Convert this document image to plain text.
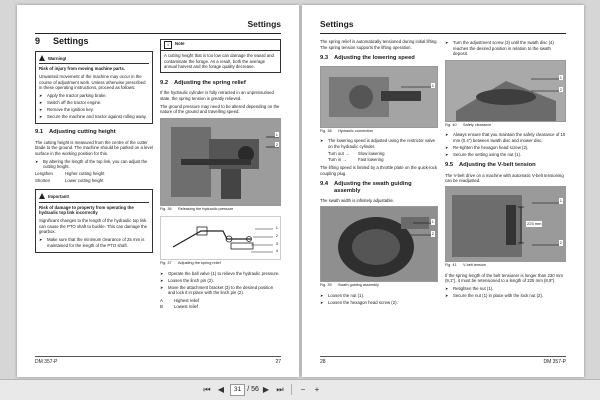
Settings
9 Settings
Warning!

Risk of injury from moving machine parts.

Unwanted movement of the machine may occur in the course of adjustment work. Unless otherwise prescribed in these operating instructions, proceed as follows:

➤ Apply the tractor parking brake.
➤ Switch off the tractor engine.
➤ Remove the ignition key.
➤ Secure the machine and tractor against rolling away.
9.1 Adjusting cutting height

The cutting height is measured from the centre of the cutter blade to the ground. The machine should be parked on a level surface in the working position for this.

➤ By altering the length of the top link, you can adjust the cutting height.
Lengthen	Higher cutting height
Shorten	Lower cutting height
Important!

Risk of damage to property from operating the hydraulic top link incorrectly

Significant changes to the length of the hydraulic top link can cause the PTO shaft to buckle. This can damage the gearbox.

➤ Make sure that the minimum clearance of 25 mm is maintained for the length of the PTO shaft.
i Note
A cutting height that is too low can damage the sward and contaminate the forage. As a result, both the average annual harvest and the forage quality decrease.
9.2 Adjusting the spring relief

If the hydraulic cylinder is fully retracted in an unpressurised state, the spring tension is greatly relieved.

The ground pressure may need to be altered depending on the nature of the ground and travelling speed.

1
2
Fig. 36 Releasing the hydraulic pressure
1
2
3
4
Fig. 37 Adjusting the spring relief
➤ Operate the ball valve (1) to relieve the hydraulic pressure.
➤ Loosen the linch pin (2).
➤ Move the attachment bracket (3) to the desired position and lock it in place with the linch pin (2).
A	Highest relief
B	Lowest relief
DM 357-P	27
Settings

The spring relief is automatically tensioned during initial lifting. The spring tension supports the lifting operation.

9.3 Adjusting the lowering speed
1
Fig. 38 Hydraulic connection
➤ The lowering speed is adjusted using the restrictor valve on the hydraulic cylinder.
Turn out →	Slow lowering
Turn in →	Fast lowering

The lifting speed is limited by a throttle plate on the quick-lock coupling plug.

9.4 Adjusting the swath guiding assembly

The swath width is infinitely adjustable.

1
2
Fig. 39 Swath guiding assembly
➤ Loosen the nut (1).
➤ Loosen the hexagon head screw (2).
➤ Turn the adjustment screw (3) until the swath disc (4) reaches the desired position in relation to the swath deposit.
1
2
Fig. 40 Safety clearance
➤ Always ensure that you maintain the safety clearance of 10 mm (0.4") between swath disc and mower disc.
➤ Re-tighten the hexagon head screw (2).
➤ Secure the setting using the nut (1).
9.5 Adjusting the V-belt tension

The V-belt drive on a machine with automatic V-belt tensioning can be readjusted.

225 mm
1
2
Fig. 41 V-belt tension

If the spring length of the belt tensioner is longer than 230 mm (9,1"), it must be retensioned to a length of 225 mm (8,9").

➤ Retighten the nut (1).
➤ Secure the nut (1) in place with the lock nut (2).
28	DM 357-P
⏮ ◀	31 / 56 ▶ ⏭	−	+
